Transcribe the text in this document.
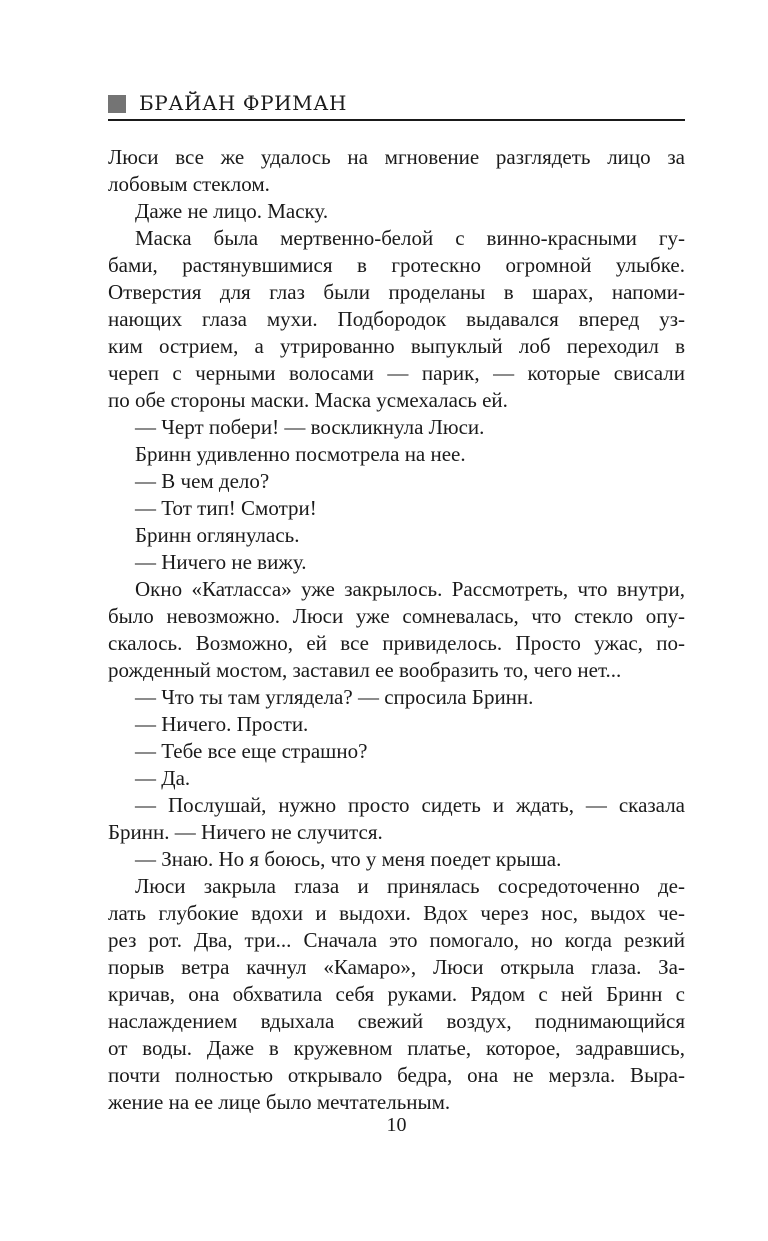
БРАЙАН ФРИМАН
Люси все же удалось на мгновение разглядеть лицо за
лобовым стеклом.
Даже не лицо. Маску.
Маска была мертвенно-белой с винно-красными гу-
бами, растянувшимися в гротескно огромной улыбке.
Отверстия для глаз были проделаны в шарах, напоми-
нающих глаза мухи. Подбородок выдавался вперед уз-
ким острием, а утрированно выпуклый лоб переходил в
череп с черными волосами — парик, — которые свисали
по обе стороны маски. Маска усмехалась ей.
— Черт побери! — воскликнула Люси.
Бринн удивленно посмотрела на нее.
— В чем дело?
— Тот тип! Смотри!
Бринн оглянулась.
— Ничего не вижу.
Окно «Катласса» уже закрылось. Рассмотреть, что внутри,
было невозможно. Люси уже сомневалась, что стекло опу-
скалось. Возможно, ей все привиделось. Просто ужас, по-
рожденный мостом, заставил ее вообразить то, чего нет...
— Что ты там углядела? — спросила Бринн.
— Ничего. Прости.
— Тебе все еще страшно?
— Да.
— Послушай, нужно просто сидеть и ждать, — сказала
Бринн. — Ничего не случится.
— Знаю. Но я боюсь, что у меня поедет крыша.
Люси закрыла глаза и принялась сосредоточенно де-
лать глубокие вдохи и выдохи. Вдох через нос, выдох че-
рез рот. Два, три... Сначала это помогало, но когда резкий
порыв ветра качнул «Камаро», Люси открыла глаза. За-
кричав, она обхватила себя руками. Рядом с ней Бринн с
наслаждением вдыхала свежий воздух, поднимающийся
от воды. Даже в кружевном платье, которое, задравшись,
почти полностью открывало бедра, она не мерзла. Выра-
жение на ее лице было мечтательным.
10
